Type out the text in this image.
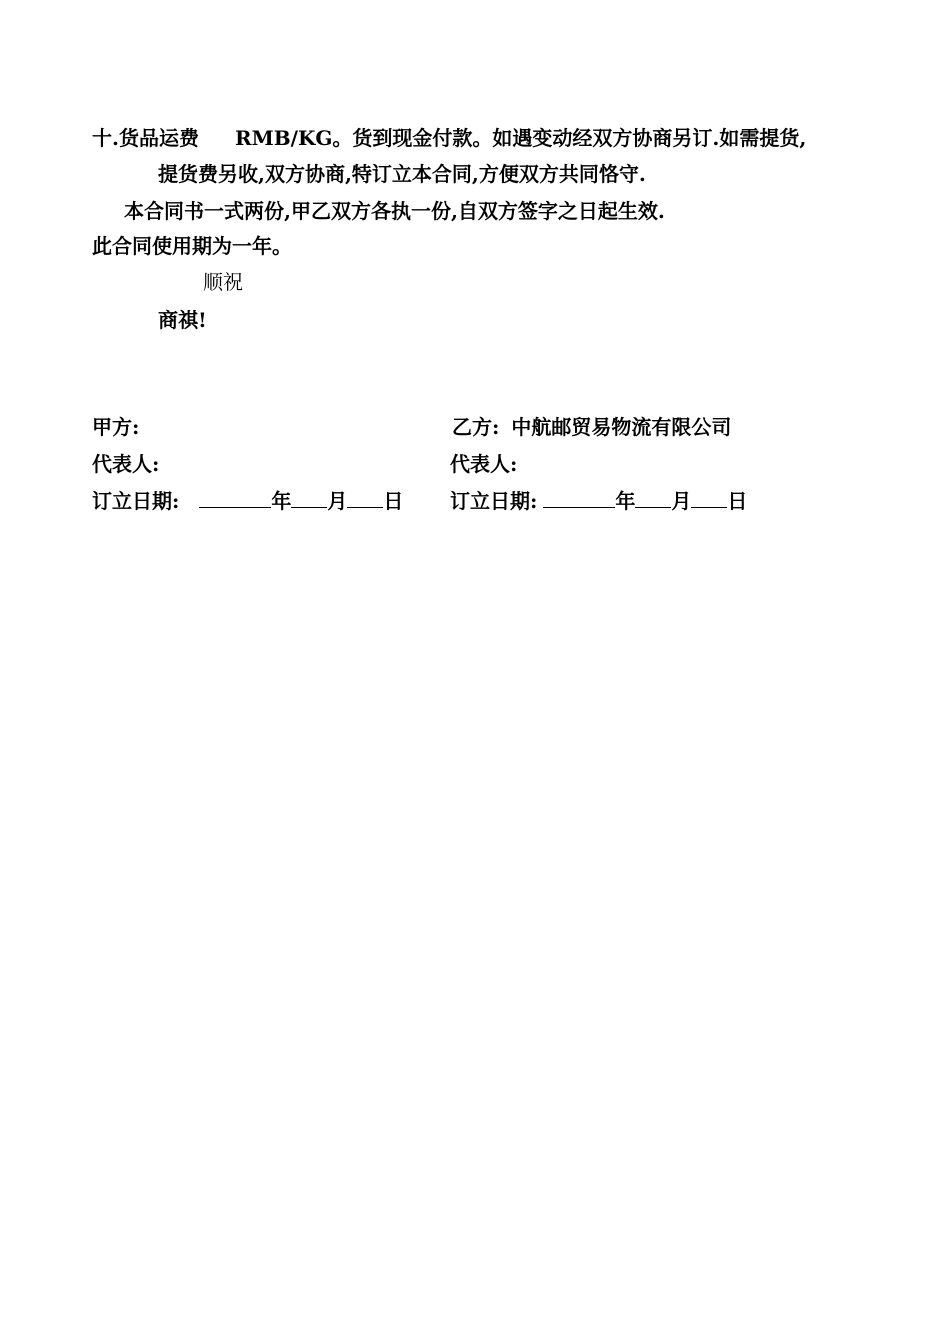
十.货品运费 RMB/KG。货到现金付款。如遇变动经双方协商另订.如需提货,
提货费另收,双方协商,特订立本合同,方便双方共同恪守.
本合同书一式两份,甲乙双方各执一份,自双方签字之日起生效.
此合同使用期为一年。
顺祝
商祺!
甲方:
代表人:
订立日期:	年 月 日
乙方: 中航邮贸易物流有限公司
代表人:
订立日期:	年 月 日
